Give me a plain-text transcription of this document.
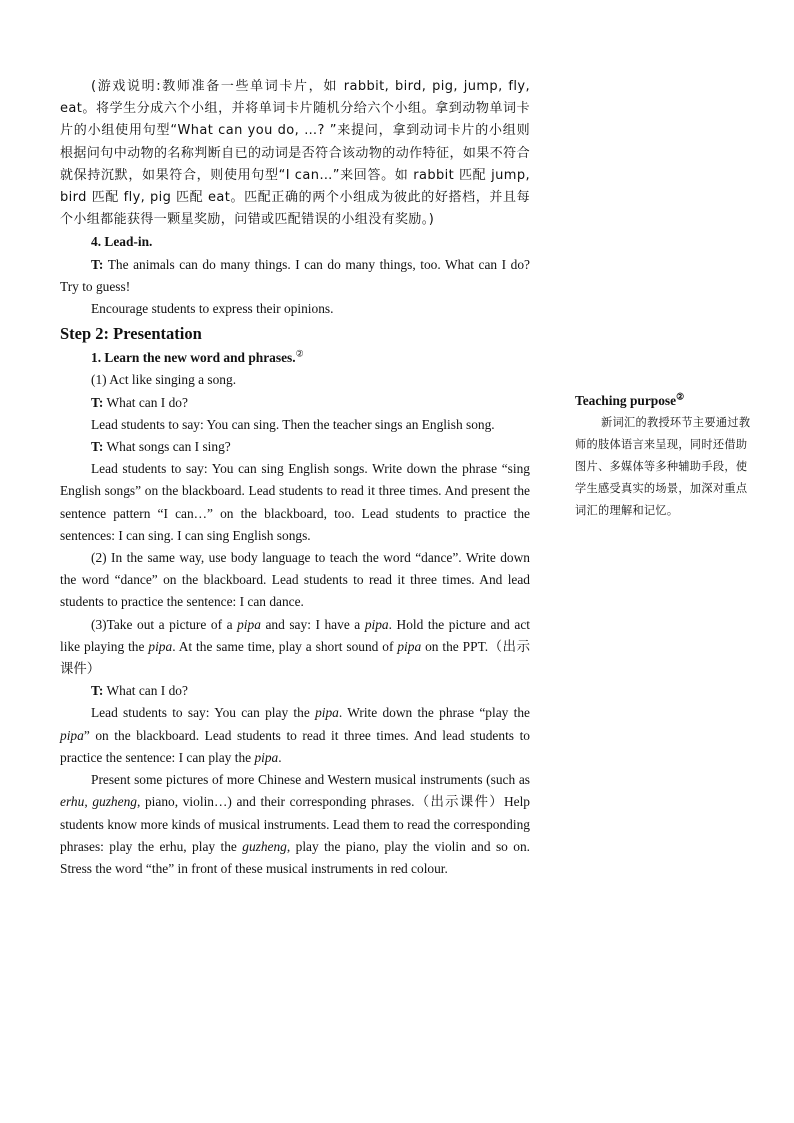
(游戏说明:教师准备一些单词卡片，如 rabbit, bird, pig, jump, fly, eat。将学生分成六个小组，并将单词卡片随机分给六个小组。拿到动物单词卡片的小组使用句型“What can you do, …? ”来提问，拿到动词卡片的小组则根据问句中动物的名称判断自已的动词是否符合该动物的动作特征，如果不符合就保持沉默，如果符合，则使用句型“I can…”来回答。如 rabbit 匹配 jump, bird 匹配 fly, pig 匹配 eat。匹配正确的两个小组成为彼此的好搭档，并且每个小组都能获得一颗星奖励，问错或匹配错误的小组没有奖励。)

4. Lead-in.

T: The animals can do many things. I can do many things, too. What can I do? Try to guess!

Encourage students to express their opinions.

Step 2: Presentation

1. Learn the new word and phrases.②

(1) Act like singing a song.

T: What can I do?

Lead students to say: You can sing. Then the teacher sings an English song.

T: What songs can I sing?

Lead students to say: You can sing English songs. Write down the phrase “sing English songs” on the blackboard. Lead students to read it three times. And present the sentence pattern “I can…” on the blackboard, too. Lead students to practice the sentences: I can sing. I can sing English songs.

(2) In the same way, use body language to teach the word “dance”. Write down the word “dance” on the blackboard. Lead students to read it three times. And lead students to practice the sentence: I can dance.

(3)Take out a picture of a pipa and say: I have a pipa. Hold the picture and act like playing the pipa. At the same time, play a short sound of pipa on the PPT.（出示课件）

T: What can I do?

Lead students to say: You can play the pipa. Write down the phrase “play the pipa” on the blackboard. Lead students to read it three times. And lead students to practice the sentence: I can play the pipa.

Present some pictures of more Chinese and Western musical instruments (such as erhu, guzheng, piano, violin…) and their corresponding phrases.（出示课件）Help students know more kinds of musical instruments. Lead them to read the corresponding phrases: play the erhu, play the guzheng, play the piano, play the violin and so on. Stress the word “the” in front of these musical instruments in red colour.

Teaching purpose②
新词汇的教授环节主要通过教师的肢体语言来呈现，同时还借助图片、多媒体等多种辅助手段，使学生感受真实的场景，加深对重点词汇的理解和记忆。
